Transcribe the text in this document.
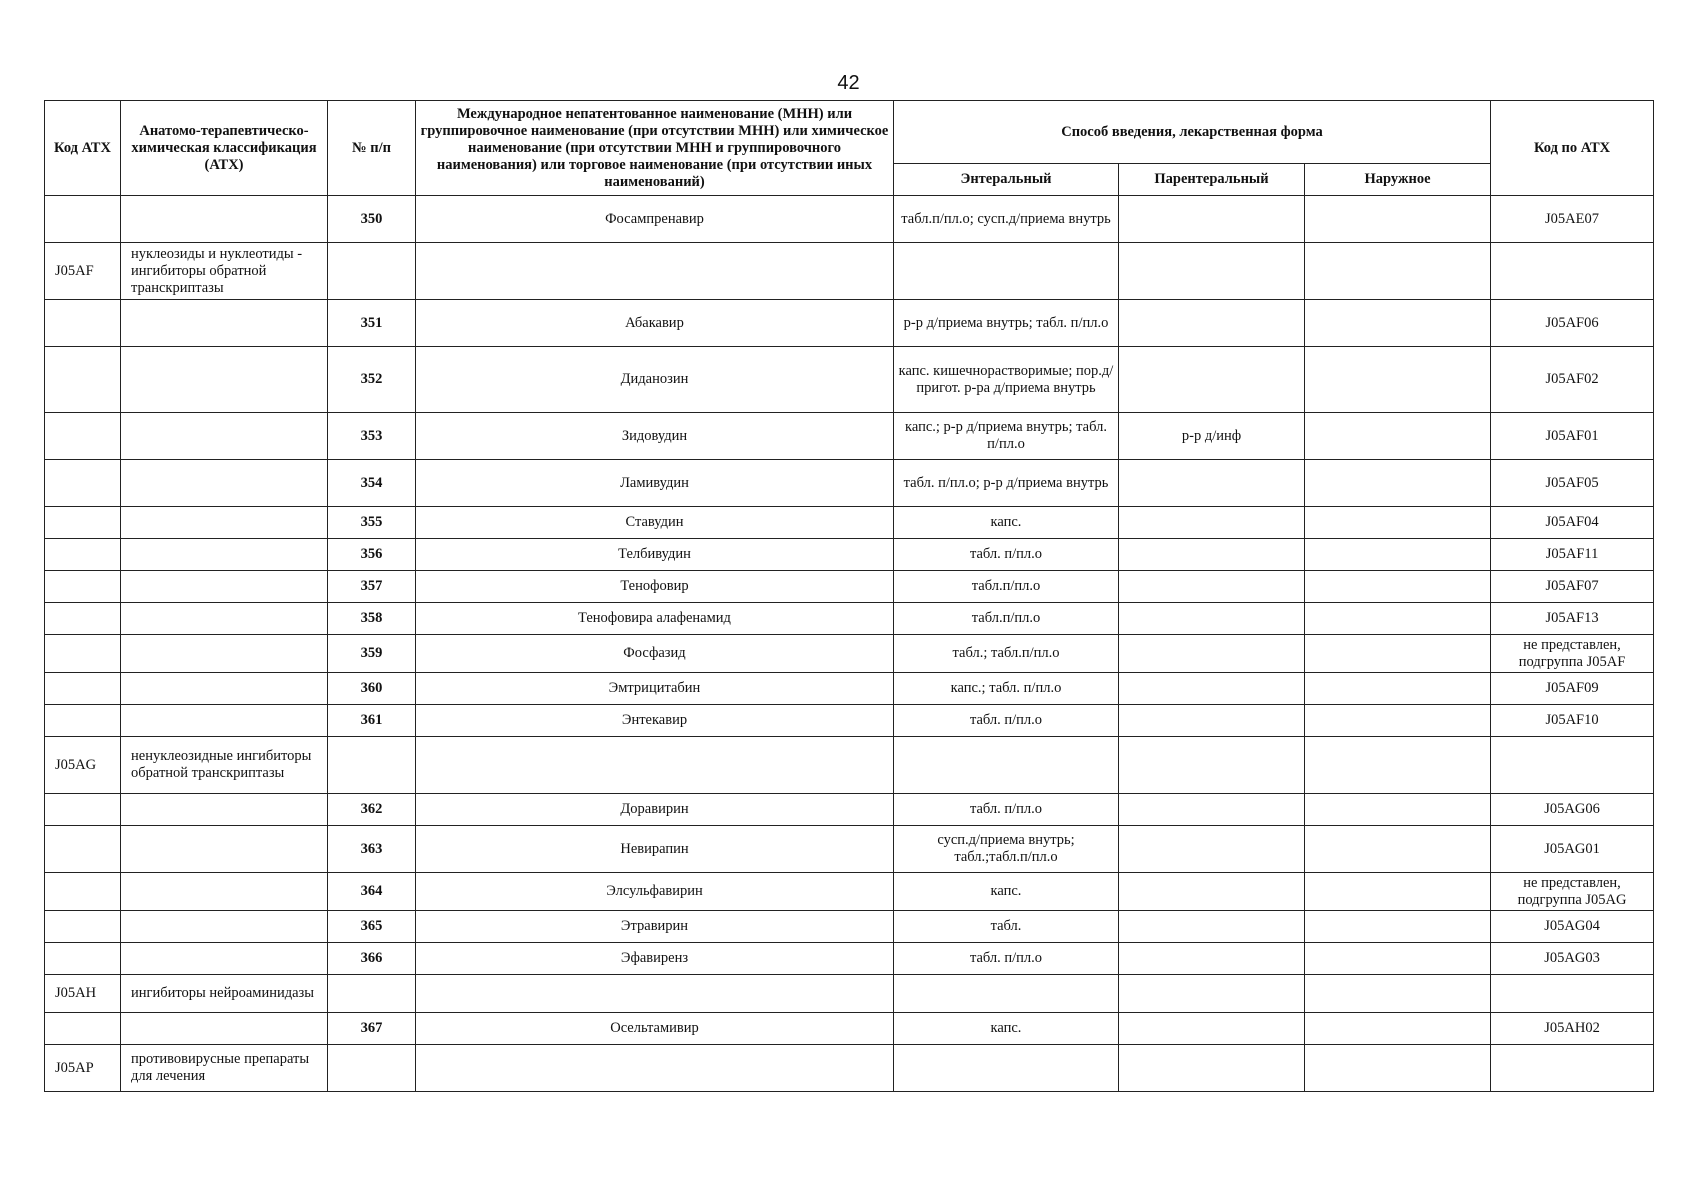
42
Код АТХ	Анатомо-терапевтическо-химическая классификация (АТХ)	№ п/п	Международное непатентованное наименование (МНН) или группировочное наименование (при отсутствии МНН) или химическое наименование (при отсутствии МНН и группировочного наименования) или торговое наименование (при отсутствии иных наименований)	Способ введения, лекарственная форма			Код по АТХ
				Энтеральный	Парентеральный	Наружное	
		350	Фосампренавир	табл.п/пл.о; сусп.д/приема внутрь			J05AE07
J05AF	нуклеозиды и нуклеотиды - ингибиторы обратной транскриптазы						
		351	Абакавир	р-р д/приема внутрь; табл. п/пл.о			J05AF06
		352	Диданозин	капс. кишечнорастворимые; пор.д/пригот. р-ра д/приема внутрь			J05AF02
		353	Зидовудин	капс.; р-р д/приема внутрь; табл. п/пл.о	р-р д/инф		J05AF01
		354	Ламивудин	табл. п/пл.о; р-р д/приема внутрь			J05AF05
		355	Ставудин	капс.			J05AF04
		356	Телбивудин	табл. п/пл.о			J05AF11
		357	Тенофовир	табл.п/пл.о			J05AF07
		358	Тенофовира алафенамид	табл.п/пл.о			J05AF13
		359	Фосфазид	табл.; табл.п/пл.о			не представлен, подгруппа J05AF
		360	Эмтрицитабин	капс.; табл. п/пл.о			J05AF09
		361	Энтекавир	табл. п/пл.о			J05AF10
J05AG	ненуклеозидные ингибиторы обратной транскриптазы						
		362	Доравирин	табл. п/пл.о			J05AG06
		363	Невирапин	сусп.д/приема внутрь; табл.;табл.п/пл.о			J05AG01
		364	Элсульфавирин	капс.			не представлен, подгруппа J05AG
		365	Этравирин	табл.			J05AG04
		366	Эфавиренз	табл. п/пл.о			J05AG03
J05AH	ингибиторы нейроаминидазы						
		367	Осельтамивир	капс.			J05AH02
J05AP	противовирусные препараты для лечения						
